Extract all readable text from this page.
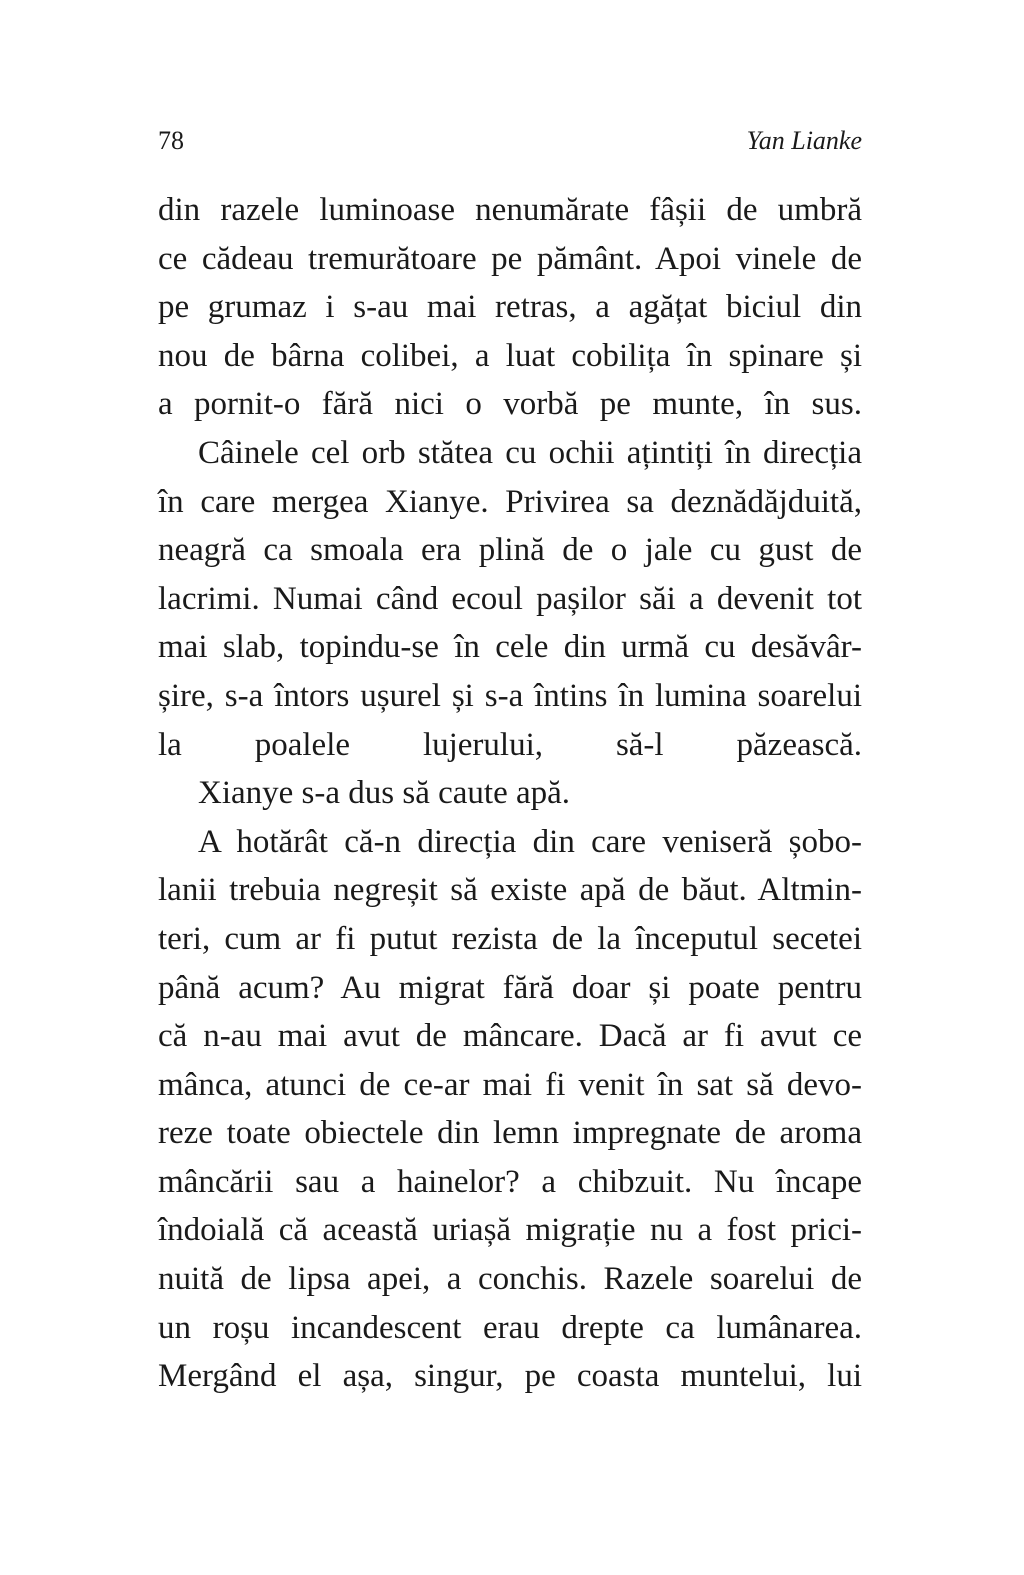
78	Yan Lianke

din razele luminoase nenumărate fâșii de umbră
ce cădeau tremurătoare pe pământ. Apoi vinele de
pe grumaz i s-au mai retras, a agățat biciul din
nou de bârna colibei, a luat cobilița în spinare și
a pornit-o fără nici o vorbă pe munte, în sus.

Câinele cel orb stătea cu ochii ațintiți în direcția
în care mergea Xianye. Privirea sa deznădăjduită,
neagră ca smoala era plină de o jale cu gust de
lacrimi. Numai când ecoul pașilor săi a devenit tot
mai slab, topindu-se în cele din urmă cu desăvâr-
șire, s-a întors ușurel și s-a întins în lumina soarelui
la poalele lujerului, să-l păzească.

Xianye s-a dus să caute apă.

A hotărât că-n direcția din care veniseră șobo-
lanii trebuia negreșit să existe apă de băut. Altmin-
teri, cum ar fi putut rezista de la începutul secetei
până acum? Au migrat fără doar și poate pentru
că n-au mai avut de mâncare. Dacă ar fi avut ce
mânca, atunci de ce-ar mai fi venit în sat să devo-
reze toate obiectele din lemn impregnate de aroma
mâncării sau a hainelor? a chibzuit. Nu încape
îndoială că această uriașă migrație nu a fost prici-
nuită de lipsa apei, a conchis. Razele soarelui de
un roșu incandescent erau drepte ca lumânarea.
Mergând el așa, singur, pe coasta muntelui, lui
